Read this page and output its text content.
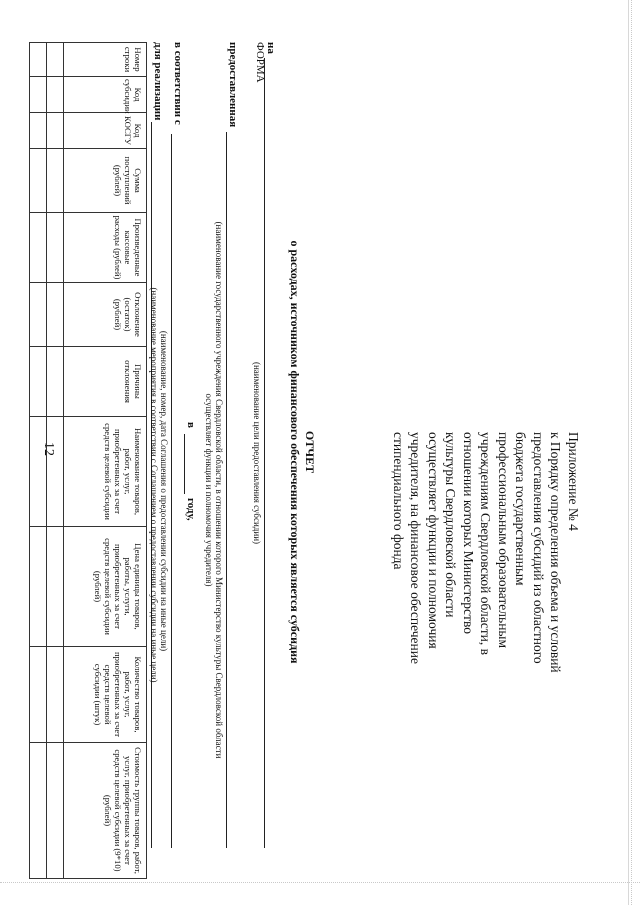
12	Приложение № 4
к Порядку определения объема и условий
предоставления субсидий из областного
бюджета государственным
профессиональным образовательным
учреждениям Свердловской области, в
отношении которых Министерство
культуры Свердловской области
осуществляет функции и полномочия
учредителя, на финансовое обеспечение
стипендиального фонда
ФОРМА
ОТЧЕТ
о расходах, источником финансового обеспечения которых является субсидия
на
(наименование цели предоставления субсидии)
предоставленная
(наименование государственного учреждения Свердловской области, в отношении которого Министерство культуры Свердловской области
осуществляет функции и полномочия учредителя)
в
году,
в соответствии с
(наименование, номер, дата Соглашения о предоставлении субсидии на иные цели)
для реализации
(наименование мероприятия в соответствии с Соглашением о предоставлении субсидии на иные цели)
Номер строки	Код субсидии	Код КОСГУ	Сумма поступлений (рублей)	Произведенные кассовые расходы (рублей)	Отклонение (остаток) (рублей)	Причины отклонения	Наименование товаров, работ, услуг, приобретенных за счет средств целевой субсидии	Цена единицы товаров, работы, услуги, приобретенных за счет средств целевой субсидии (рублей)	Количество товаров, работ, услуг, приобретенных за счет средств целевой субсидии (штук)	Стоимость группы товаров, работ, услуг, приобретенных за счет средств целевой субсидии (9*10) (рублей)
